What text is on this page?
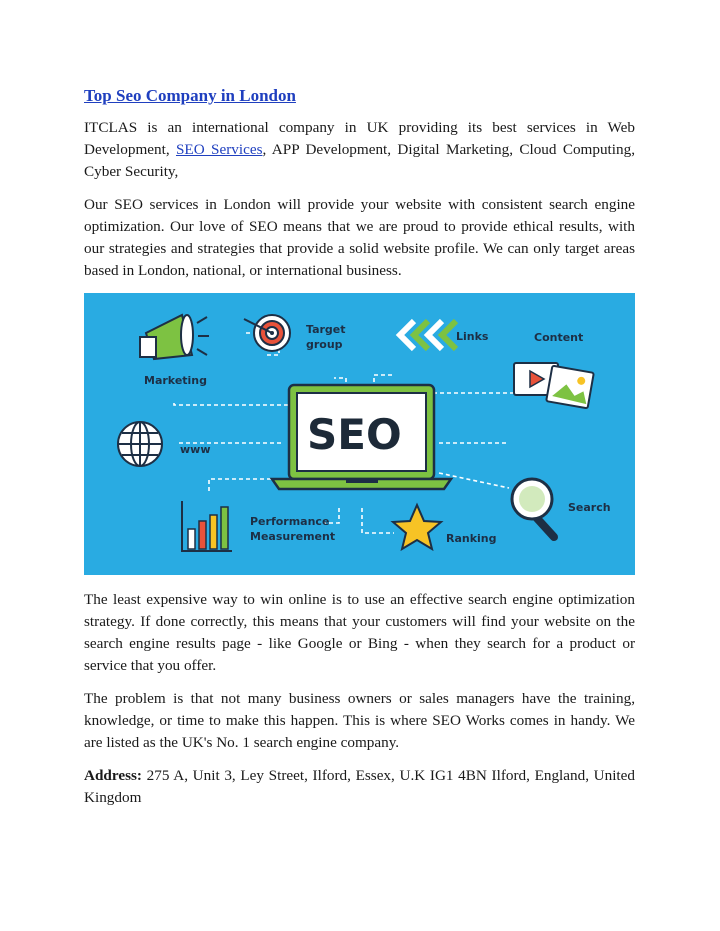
Top Seo Company in London

ITCLAS is an international company in UK providing its best services in Web Development, SEO Services, APP Development, Digital Marketing, Cloud Computing, Cyber Security,

Our SEO services in London will provide your website with consistent search engine optimization. Our love of SEO means that we are proud to provide ethical results, with our strategies and strategies that provide a solid website profile. We can only target areas based in London, national, or international business.

Marketing
Target
group
Links	Content
www SEO
Search
Ranking
Performance
Measurement

The least expensive way to win online is to use an effective search engine optimization strategy. If done correctly, this means that your customers will find your website on the search engine results page - like Google or Bing - when they search for a product or service that you offer.

The problem is that not many business owners or sales managers have the training, knowledge, or time to make this happen. This is where SEO Works comes in handy. We are listed as the UK's No. 1 search engine company.

Address: 275 A, Unit 3, Ley Street, Ilford, Essex, U.K IG1 4BN Ilford, England, United Kingdom
